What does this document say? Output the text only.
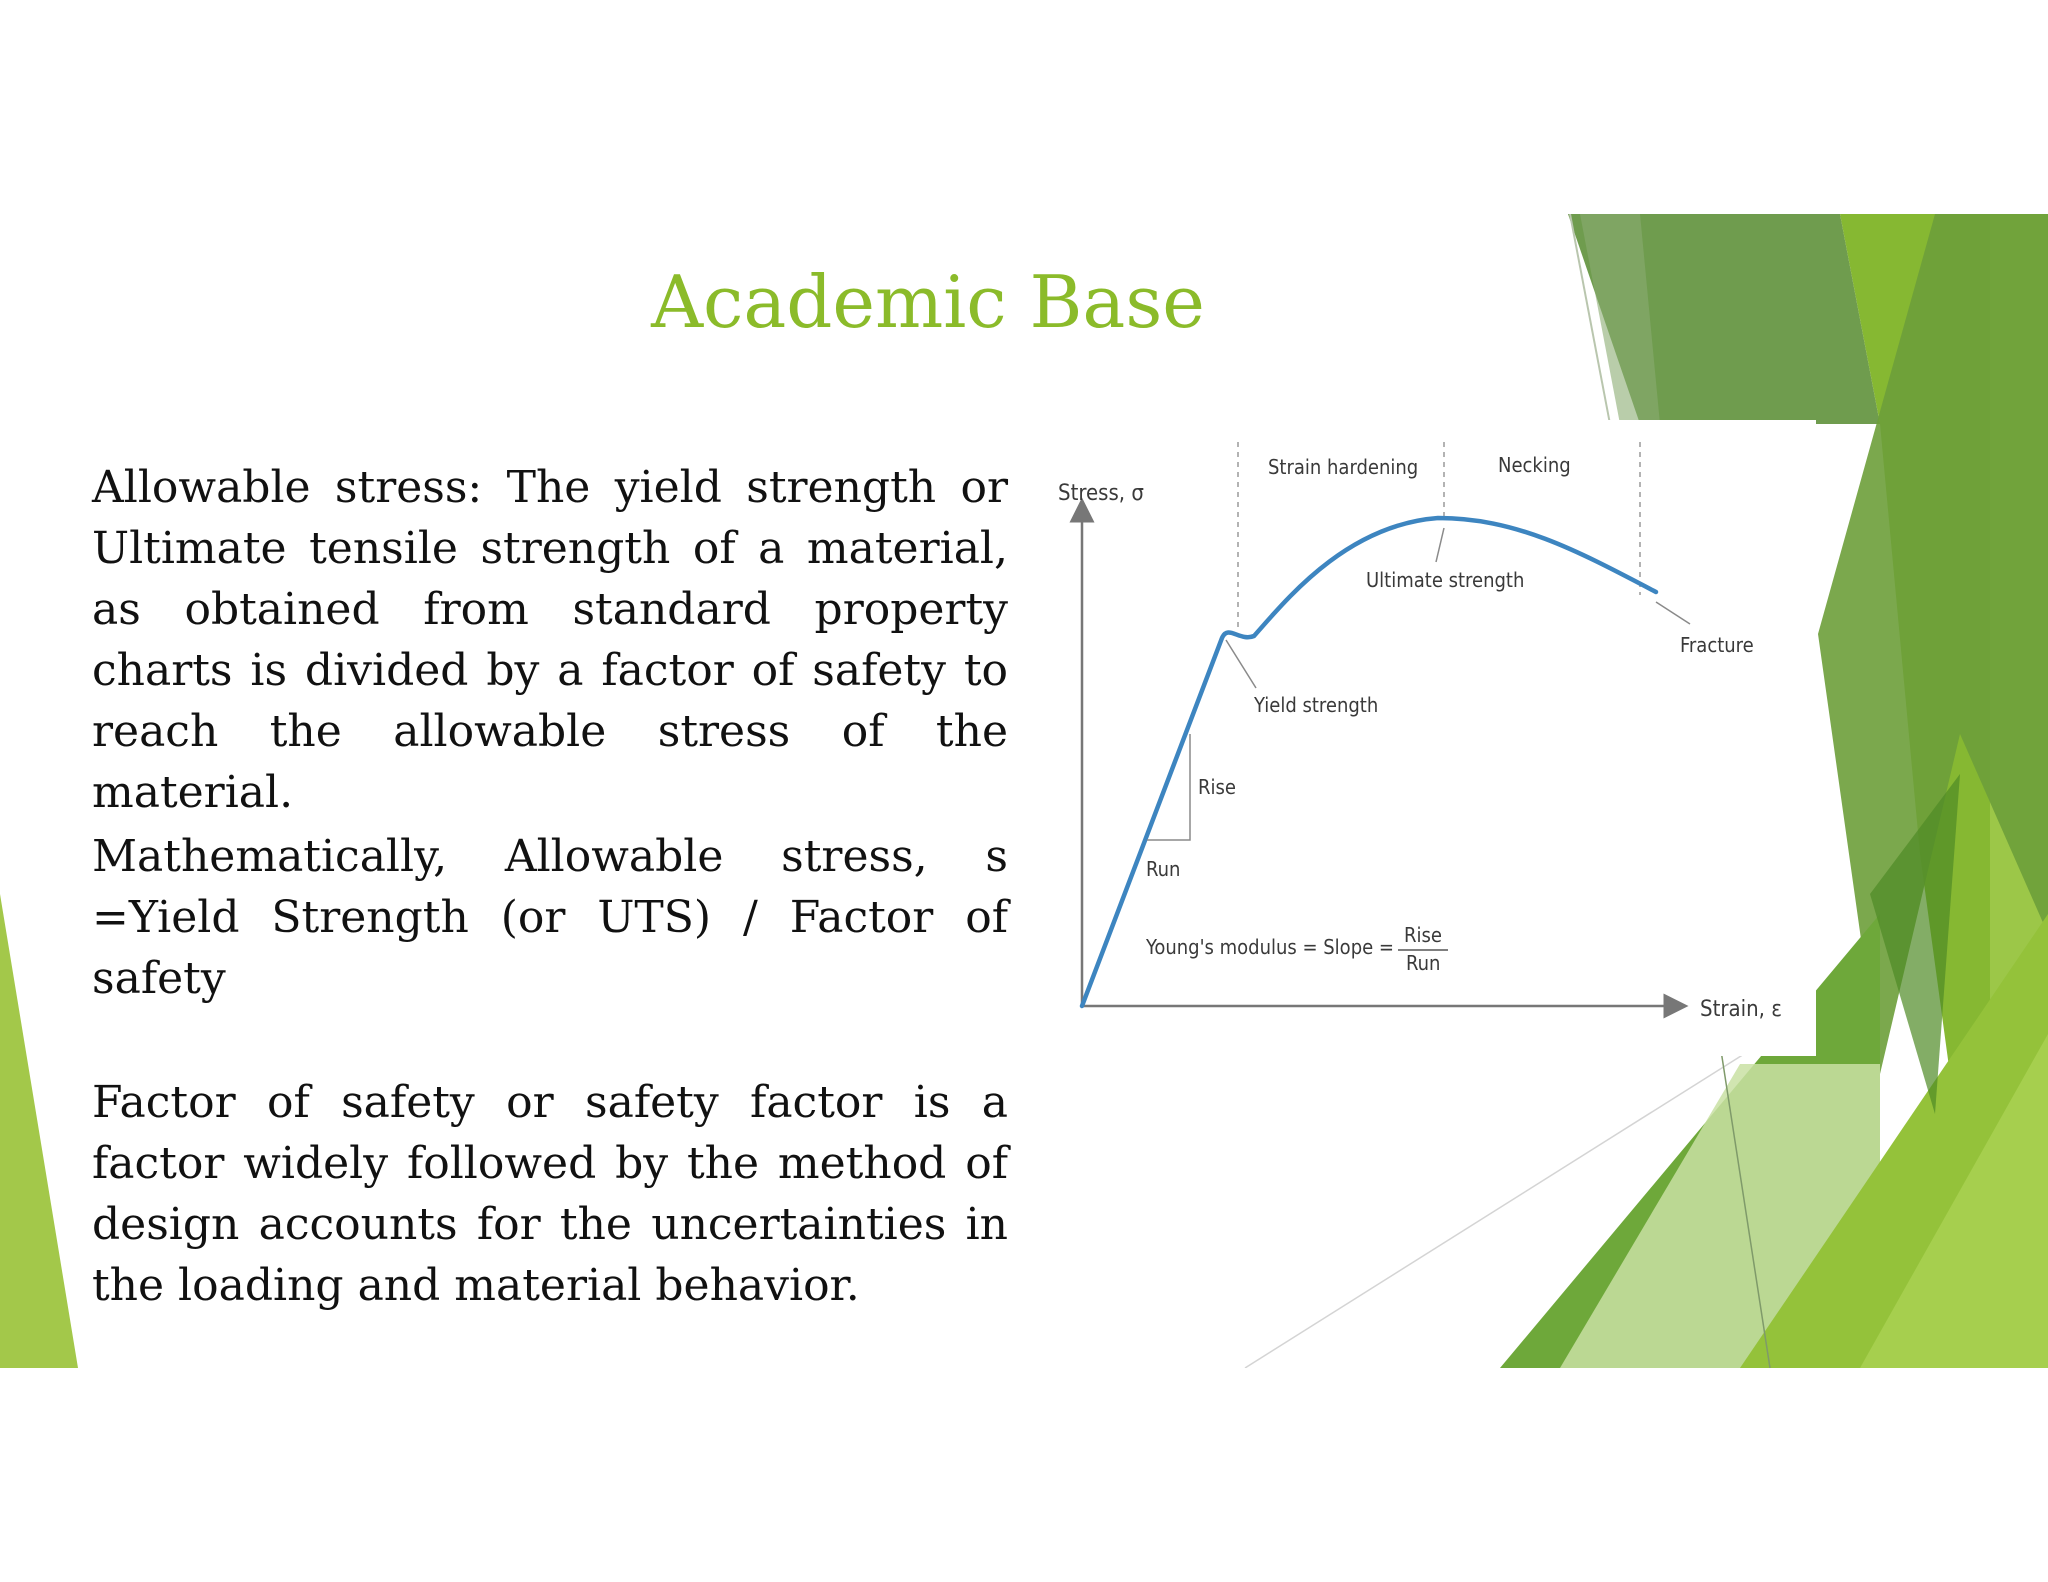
Academic Base

Allowable stress: The yield strength or Ultimate tensile strength of a material, as obtained from standard property charts is divided by a factor of safety to reach the allowable stress of the material.

Mathematically, Allowable stress, s =Yield Strength (or UTS) / Factor of safety

Factor of safety or safety factor is a factor widely followed by the method of design accounts for the uncertainties in the loading and material behavior.

Stress, σ
Strain, ε
Strain hardening	Necking
Rise
Run
Ultimate strength
Yield strength
Fracture
Young's modulus = Slope = Rise
Run
